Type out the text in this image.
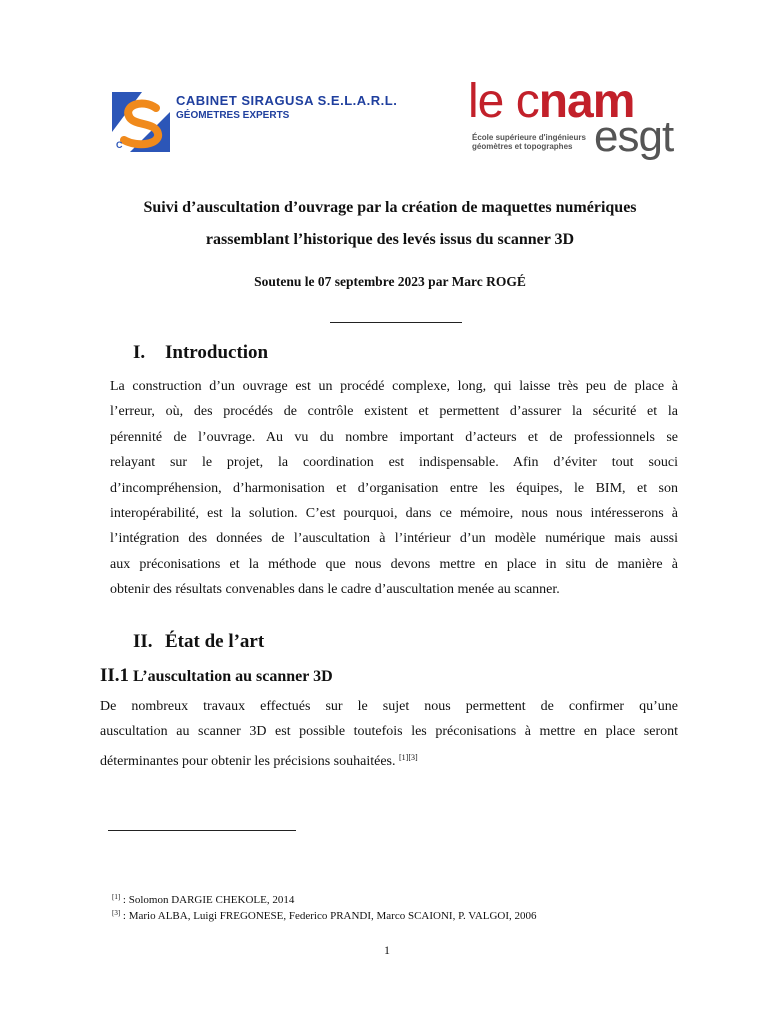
C
CABINET SIRAGUSA S.E.L.A.R.L.
GÉOMETRES EXPERTS	le cnam
esgt
École supérieure d'ingénieurs
géomètres et topographes
Suivi d’auscultation d’ouvrage par la création de maquettes numériques
rassemblant l’historique des levés issus du scanner 3D
Soutenu le 07 septembre 2023 par Marc ROGÉ
I. Introduction
La construction d’un ouvrage est un procédé complexe, long, qui laisse très peu de place à
l’erreur, où, des procédés de contrôle existent et permettent d’assurer la sécurité et la
pérennité de l’ouvrage. Au vu du nombre important d’acteurs et de professionnels se
relayant sur le projet, la coordination est indispensable. Afin d’éviter tout souci
d’incompréhension, d’harmonisation et d’organisation entre les équipes, le BIM, et son
interopérabilité, est la solution. C’est pourquoi, dans ce mémoire, nous nous intéresserons à
l’intégration des données de l’auscultation à l’intérieur d’un modèle numérique mais aussi
aux préconisations et la méthode que nous devons mettre en place in situ de manière à
obtenir des résultats convenables dans le cadre d’auscultation menée au scanner.
II. État de l’art
II.1 L’auscultation au scanner 3D
De nombreux travaux effectués sur le sujet nous permettent de confirmer qu’une
auscultation au scanner 3D est possible toutefois les préconisations à mettre en place seront
déterminantes pour obtenir les précisions souhaitées. [1][3]
[1] : Solomon DARGIE CHEKOLE, 2014
[3] : Mario ALBA, Luigi FREGONESE, Federico PRANDI, Marco SCAIONI, P. VALGOI, 2006
1
